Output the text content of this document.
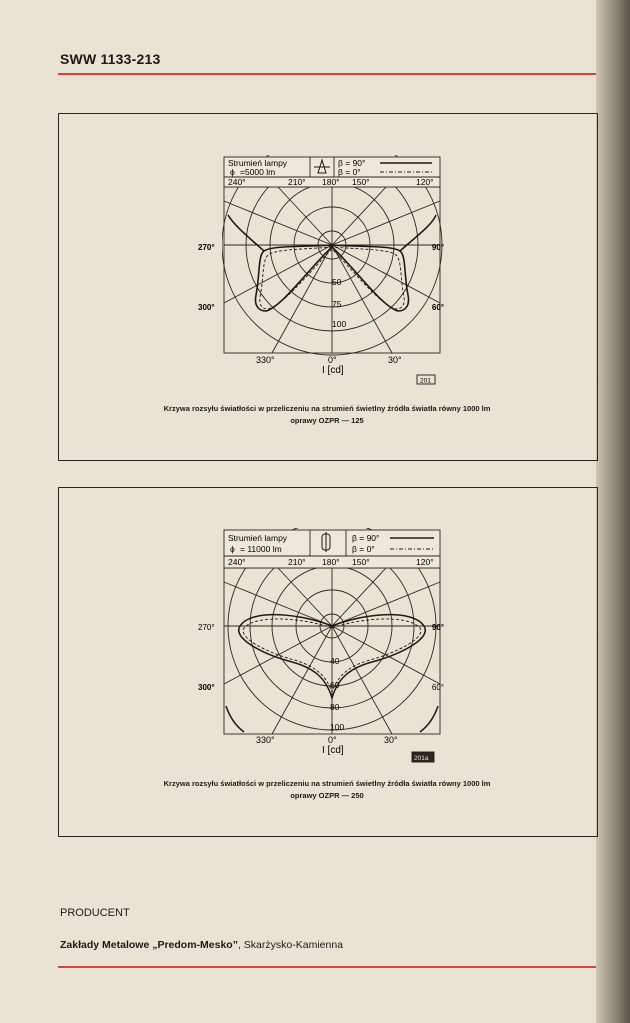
SWW 1133-213
Strumień lampy
ϕ =5000 lm
β = 90°
β = 0°
240°	210° 180° 150°	120°
50
75
100
330°	0°	30°
I [cd]
201
270°
300°
90°
60°
Krzywa rozsyłu światłości w przeliczeniu na strumień świetlny źródła światła równy 1000 lm
oprawy OZPR — 125
Strumień lampy
ϕ = 11000 lm
β = 90°
β = 0°
240°	210° 180° 150°	120°
40
60
80
100
330°	0°	30°
I [cd]
201a
270°
300°
90°
60°
Krzywa rozsyłu światłości w przeliczeniu na strumień świetlny źródła światła równy 1000 lm
oprawy OZPR — 250
PRODUCENT
Zakłady Metalowe „Predom-Mesko”, Skarżysko-Kamienna
